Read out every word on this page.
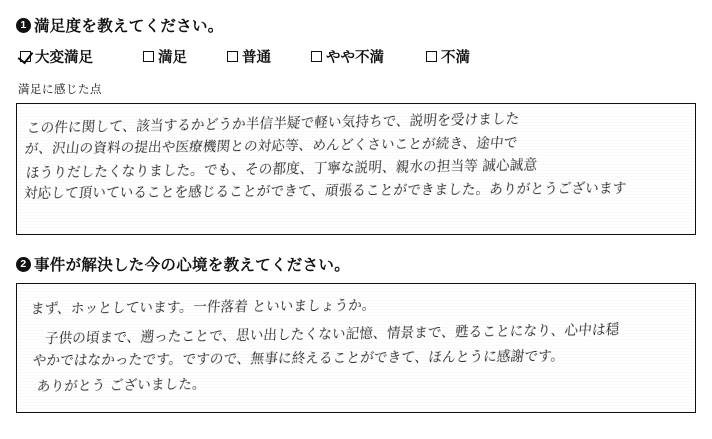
1 満足度を教えてください。
大変満足	満足	普通	やや不満	不満
満足に感じた点
この件に関して、該当するかどうか半信半疑で軽い気持ちで、説明を受けました
が、沢山の資料の提出や医療機関との対応等、めんどくさいことが続き、途中で
ほうりだしたくなりました。でも、その都度、丁寧な説明、親水の担当等 誠心誠意
対応して頂いていることを感じることができて、頑張ることができました。ありがとうございます
2 事件が解決した今の心境を教えてください。
まず、ホッとしています。一件落着 といいましょうか。
子供の頃まで、遡ったことで、思い出したくない記憶、情景まで、甦ることになり、心中は穏
やかではなかったです。ですので、無事に終えることができて、ほんとうに感謝です。
ありがとう ございました。
